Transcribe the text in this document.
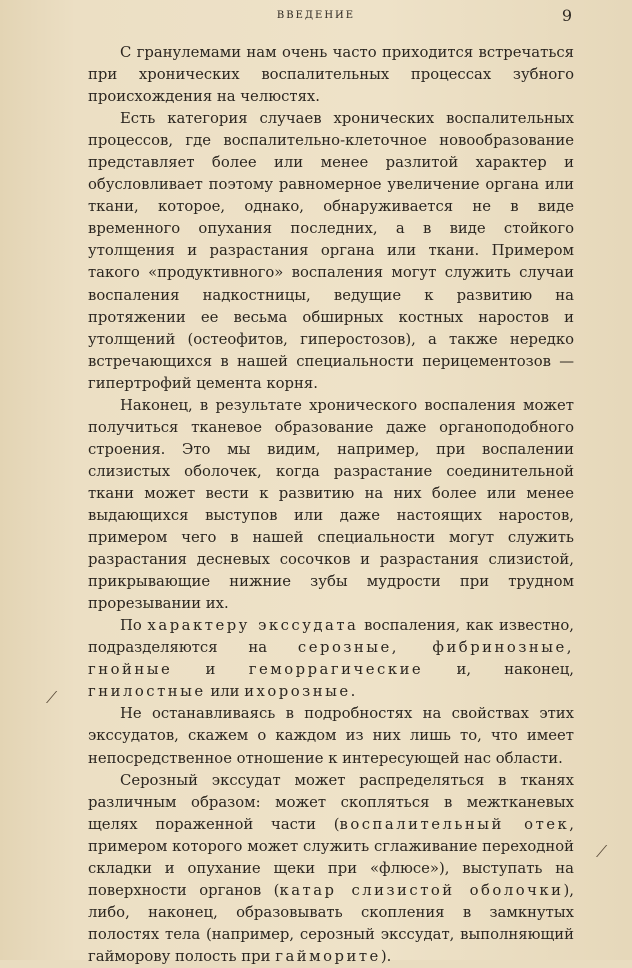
ВВЕДЕНИЕ	9

С гранулемами нам очень часто приходится встречаться при хронических воспалительных процессах зубного происхождения на челюстях.

Есть категория случаев хронических воспалительных процессов, где воспалительно-клеточное новообразование представляет более или менее разлитой характер и обусловливает поэтому равномерное увеличение органа или ткани, которое, однако, обнаруживается не в виде временного опухания последних, а в виде стойкого утолщения и разрастания органа или ткани. Примером такого «продуктивного» воспаления могут служить случаи воспаления надкостницы, ведущие к развитию на протяжении ее весьма обширных костных наростов и утолщений (остеофитов, гиперостозов), а также нередко встречающихся в нашей специальности перицементозов — гипертрофий цемента корня.

Наконец, в результате хронического воспаления может получиться тканевое образование даже органоподобного строения. Это мы видим, например, при воспалении слизистых оболочек, когда разрастание соединительной ткани может вести к развитию на них более или менее выдающихся выступов или даже настоящих наростов, примером чего в нашей специальности могут служить разрастания десневых сосочков и разрастания слизистой, прикрывающие нижние зубы мудрости при трудном прорезывании их.

По характеру экссудата воспаления, как известно, подразделяются на серозные, фибринозные, гнойные и геморрагические и, наконец, гнилостные или ихорозные.

Не останавливаясь в подробностях на свойствах этих экссудатов, скажем о каждом из них лишь то, что имеет непосредственное отношение к интересующей нас области.

Серозный экссудат может распределяться в тканях различным образом: может скопляться в межтканевых щелях пораженной части (воспалительный отек, примером которого может служить сглаживание переходной складки и опухание щеки при «флюсе»), выступать на поверхности органов (катар слизистой оболочки), либо, наконец, образовывать скопления в замкнутых полостях тела (например, серозный экссудат, выполняющий гайморову полость при гайморите).

⟋
⟋
